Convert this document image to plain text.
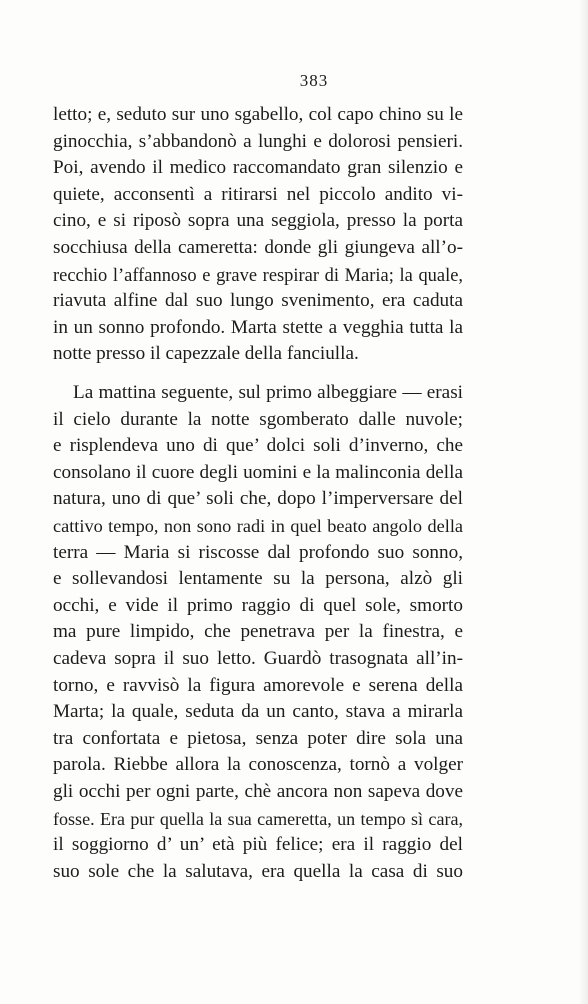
383
letto; e, seduto sur uno sgabello, col capo chino su le
ginocchia, s’abbandonò a lunghi e dolorosi pensieri.
Poi, avendo il medico raccomandato gran silenzio e
quiete, acconsentì a ritirarsi nel piccolo andito vi-
cino, e si riposò sopra una seggiola, presso la porta
socchiusa della cameretta: donde gli giungeva all’o-
recchio l’affannoso e grave respirar di Maria; la quale,
riavuta alfine dal suo lungo svenimento, era caduta
in un sonno profondo. Marta stette a vegghia tutta la
notte presso il capezzale della fanciulla.
La mattina seguente, sul primo albeggiare — erasi
il cielo durante la notte sgomberato dalle nuvole;
e risplendeva uno di que’ dolci soli d’inverno, che
consolano il cuore degli uomini e la malinconia della
natura, uno di que’ soli che, dopo l’imperversare del
cattivo tempo, non sono radi in quel beato angolo della
terra — Maria si riscosse dal profondo suo sonno,
e sollevandosi lentamente su la persona, alzò gli
occhi, e vide il primo raggio di quel sole, smorto
ma pure limpido, che penetrava per la finestra, e
cadeva sopra il suo letto. Guardò trasognata all’in-
torno, e ravvisò la figura amorevole e serena della
Marta; la quale, seduta da un canto, stava a mirarla
tra confortata e pietosa, senza poter dire sola una
parola. Riebbe allora la conoscenza, tornò a volger
gli occhi per ogni parte, chè ancora non sapeva dove
fosse. Era pur quella la sua cameretta, un tempo sì cara,
il soggiorno d’ un’ età più felice; era il raggio del
suo sole che la salutava, era quella la casa di suo
